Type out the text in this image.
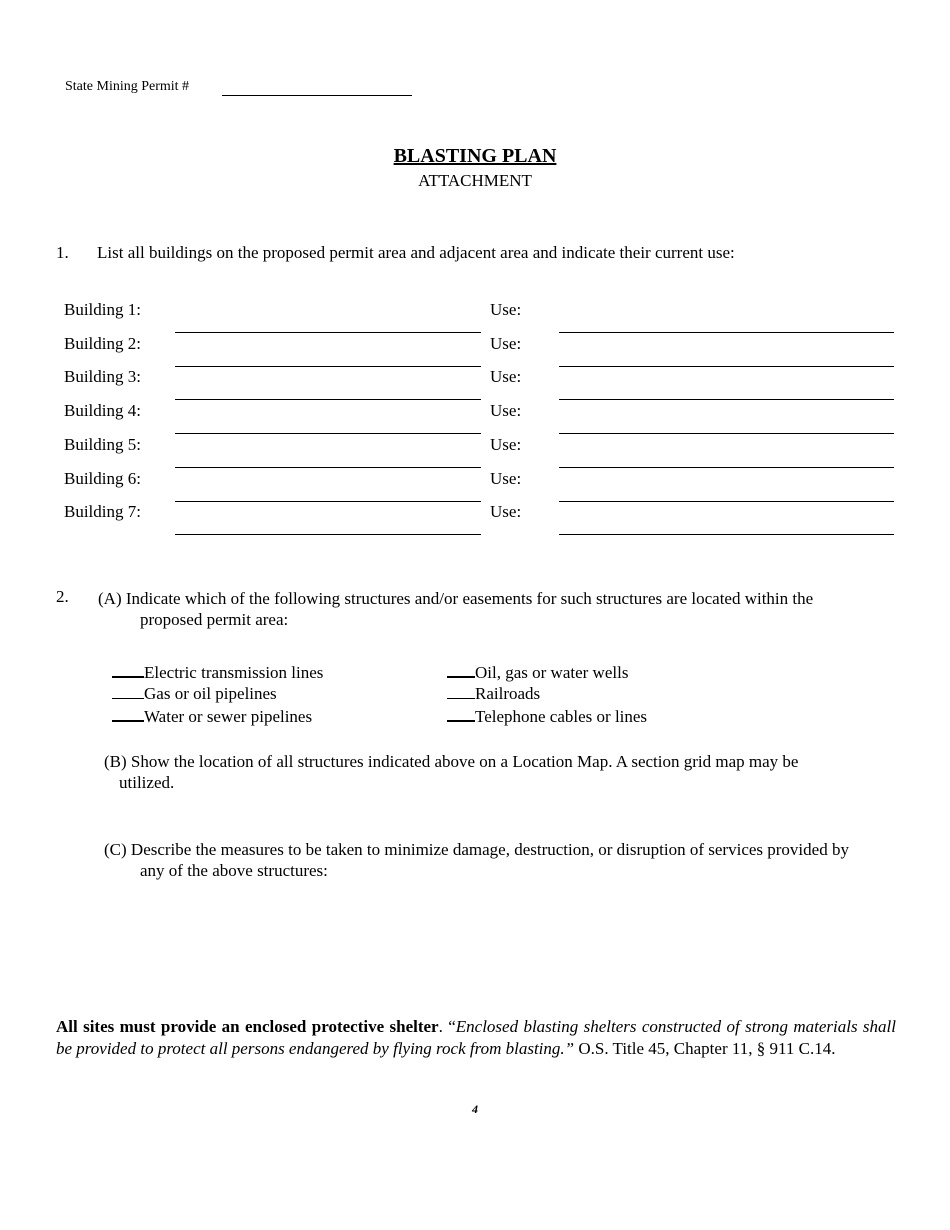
State Mining Permit #
BLASTING PLAN
ATTACHMENT
1. List all buildings on the proposed permit area and adjacent area and indicate their current use:
Building 1:	Use:
Building 2:	Use:
Building 3:	Use:
Building 4:	Use:
Building 5:	Use:
Building 6:	Use:
Building 7:	Use:
2. (A) Indicate which of the following structures and/or easements for such structures are located within the
proposed permit area:
Electric transmission lines
Gas or oil pipelines
Water or sewer pipelines
Oil, gas or water wells
Railroads
Telephone cables or lines
(B) Show the location of all structures indicated above on a Location Map. A section grid map may be
utilized.
(C) Describe the measures to be taken to minimize damage, destruction, or disruption of services provided by
any of the above structures:
All sites must provide an enclosed protective shelter. “Enclosed blasting shelters constructed of strong materials shall be provided to protect all persons endangered by flying rock from blasting.” O.S. Title 45, Chapter 11, § 911 C.14.
4
